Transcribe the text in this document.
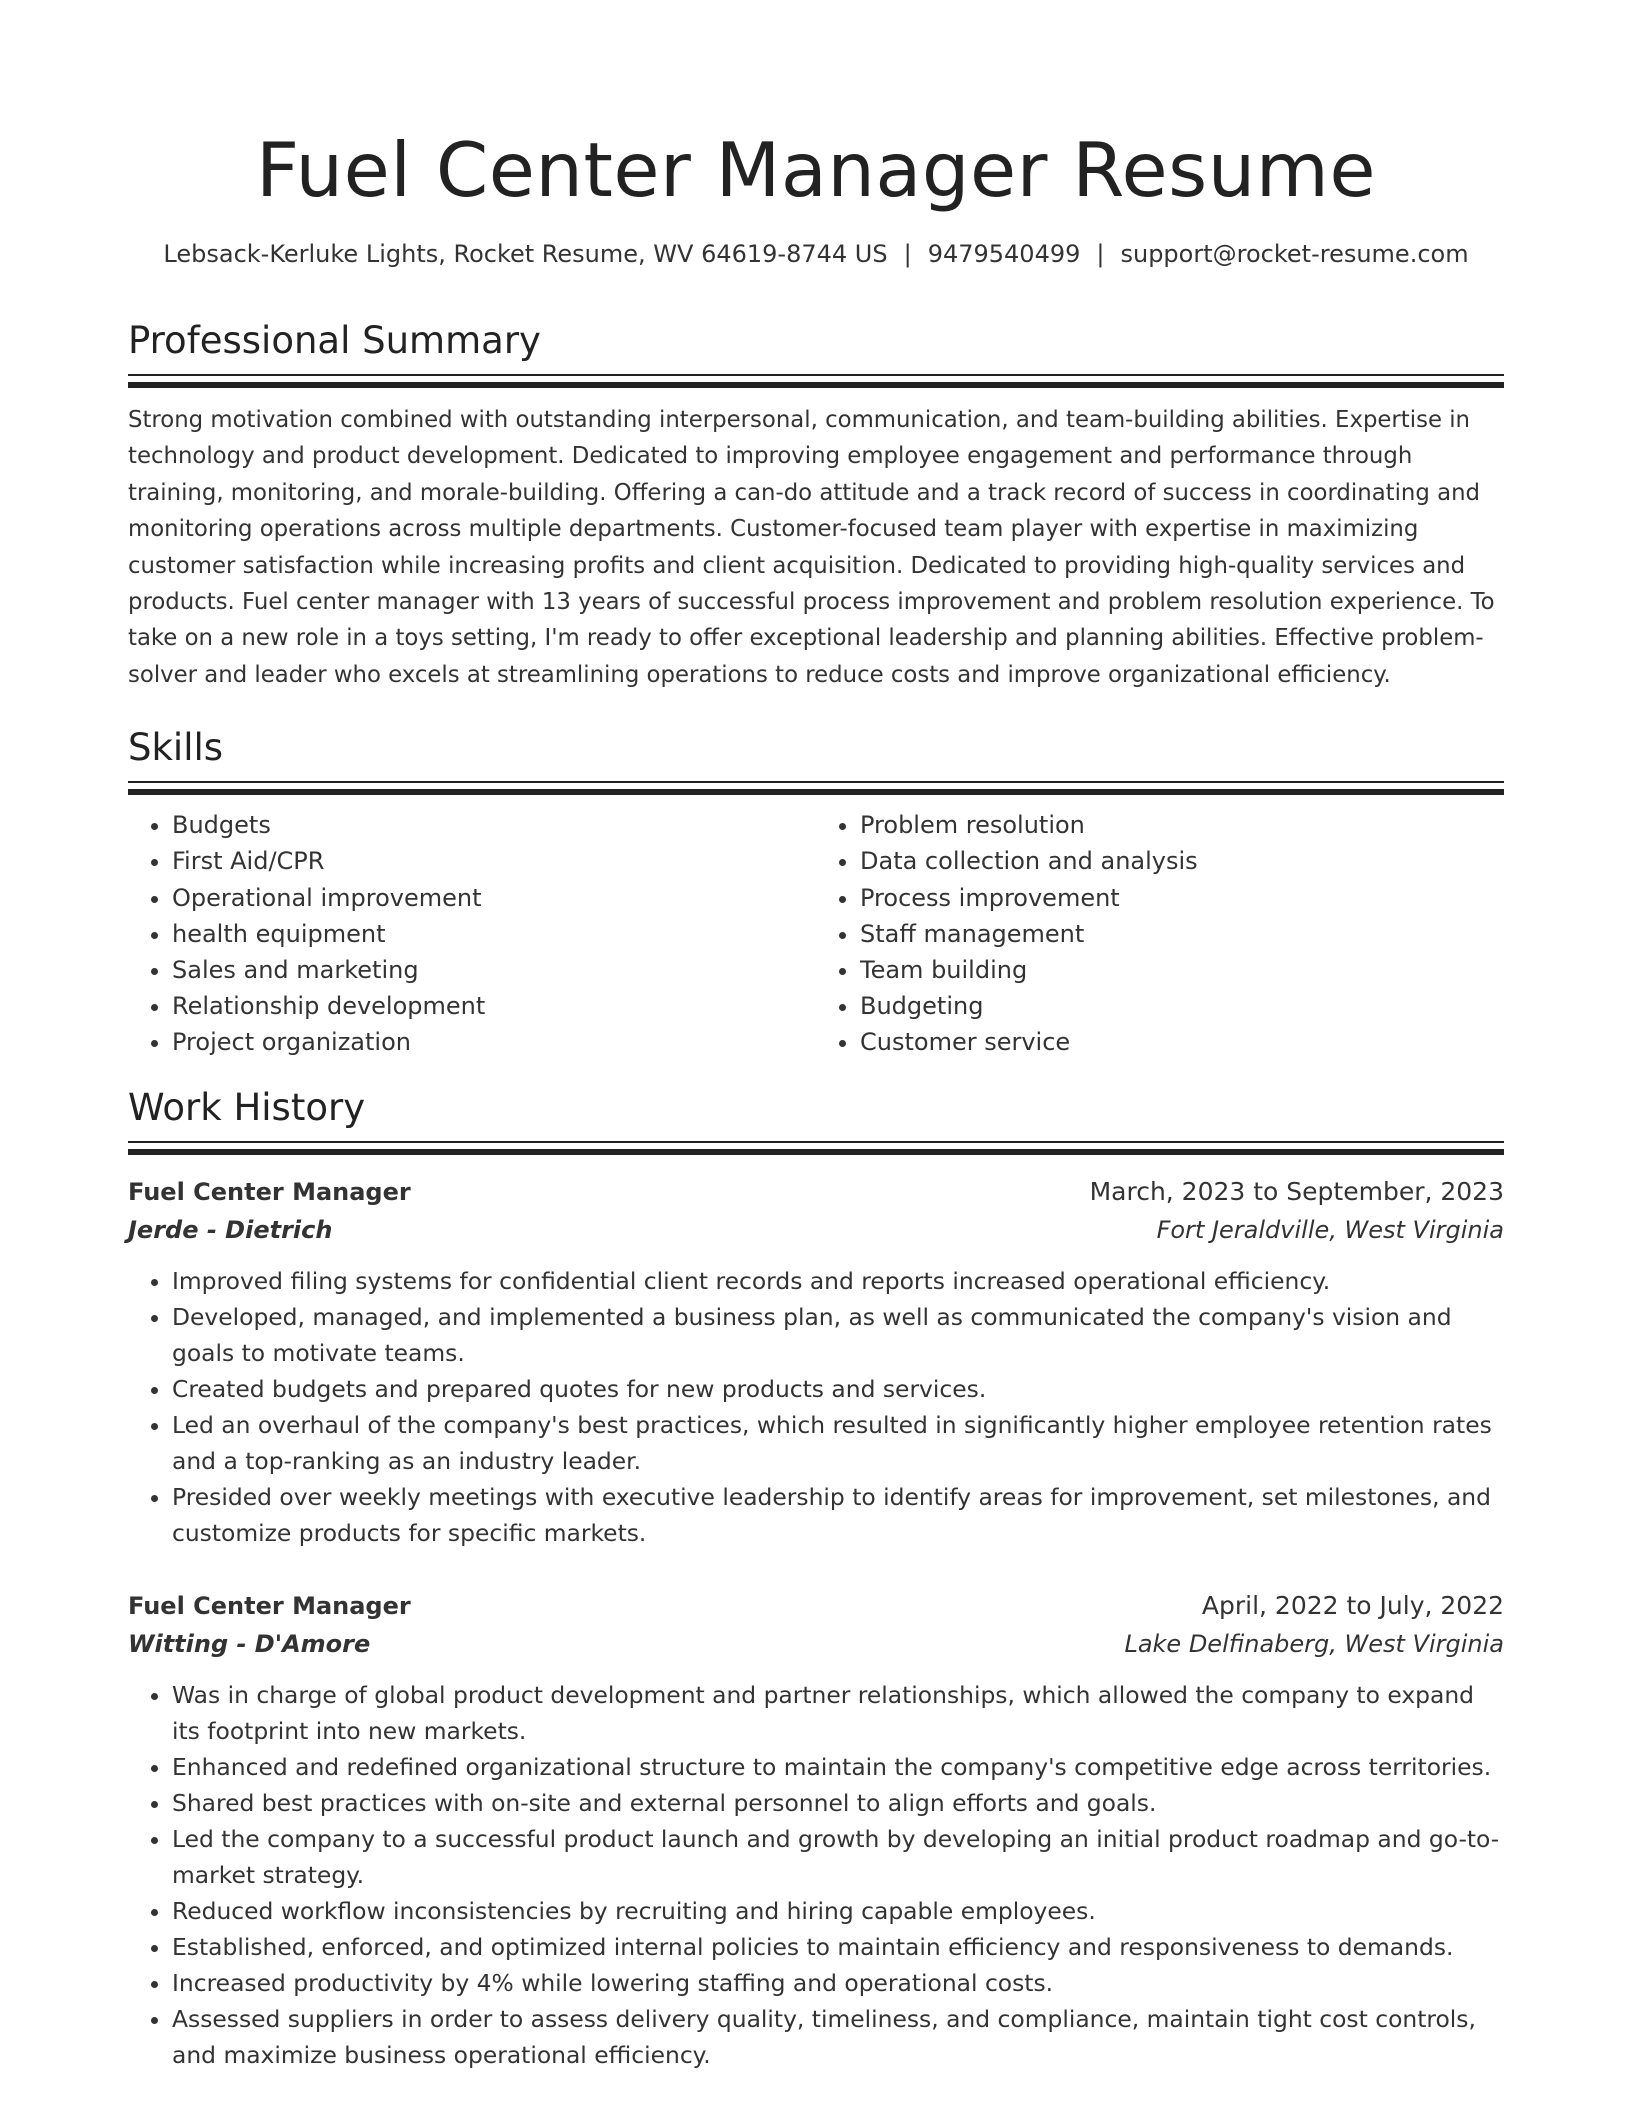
Fuel Center Manager Resume
Lebsack-Kerluke Lights, Rocket Resume, WV 64619-8744 US | 9479540499 | support@rocket-resume.com
Professional Summary

Strong motivation combined with outstanding interpersonal, communication, and team-building abilities. Expertise in technology and product development. Dedicated to improving employee engagement and performance through training, monitoring, and morale-building. Offering a can-do attitude and a track record of success in coordinating and monitoring operations across multiple departments. Customer-focused team player with expertise in maximizing customer satisfaction while increasing profits and client acquisition. Dedicated to providing high-quality services and products. Fuel center manager with 13 years of successful process improvement and problem resolution experience. To take on a new role in a toys setting, I'm ready to offer exceptional leadership and planning abilities. Effective problem-solver and leader who excels at streamlining operations to reduce costs and improve organizational efficiency.

Skills
• Budgets
• First Aid/CPR
• Operational improvement
• health equipment
• Sales and marketing
• Relationship development
• Project organization
• Problem resolution
• Data collection and analysis
• Process improvement
• Staff management
• Team building
• Budgeting
• Customer service
Work History
Fuel Center Manager	March, 2023 to September, 2023
Jerde - Dietrich	Fort Jeraldville, West Virginia
• Improved filing systems for confidential client records and reports increased operational efficiency.
• Developed, managed, and implemented a business plan, as well as communicated the company's vision and goals to motivate teams.
• Created budgets and prepared quotes for new products and services.
• Led an overhaul of the company's best practices, which resulted in significantly higher employee retention rates and a top-ranking as an industry leader.
• Presided over weekly meetings with executive leadership to identify areas for improvement, set milestones, and customize products for specific markets.
Fuel Center Manager	April, 2022 to July, 2022
Witting - D'Amore	Lake Delfinaberg, West Virginia
• Was in charge of global product development and partner relationships, which allowed the company to expand its footprint into new markets.
• Enhanced and redefined organizational structure to maintain the company's competitive edge across territories.
• Shared best practices with on-site and external personnel to align efforts and goals.
• Led the company to a successful product launch and growth by developing an initial product roadmap and go-to-market strategy.
• Reduced workflow inconsistencies by recruiting and hiring capable employees.
• Established, enforced, and optimized internal policies to maintain efficiency and responsiveness to demands.
• Increased productivity by 4% while lowering staffing and operational costs.
• Assessed suppliers in order to assess delivery quality, timeliness, and compliance, maintain tight cost controls, and maximize business operational efficiency.
